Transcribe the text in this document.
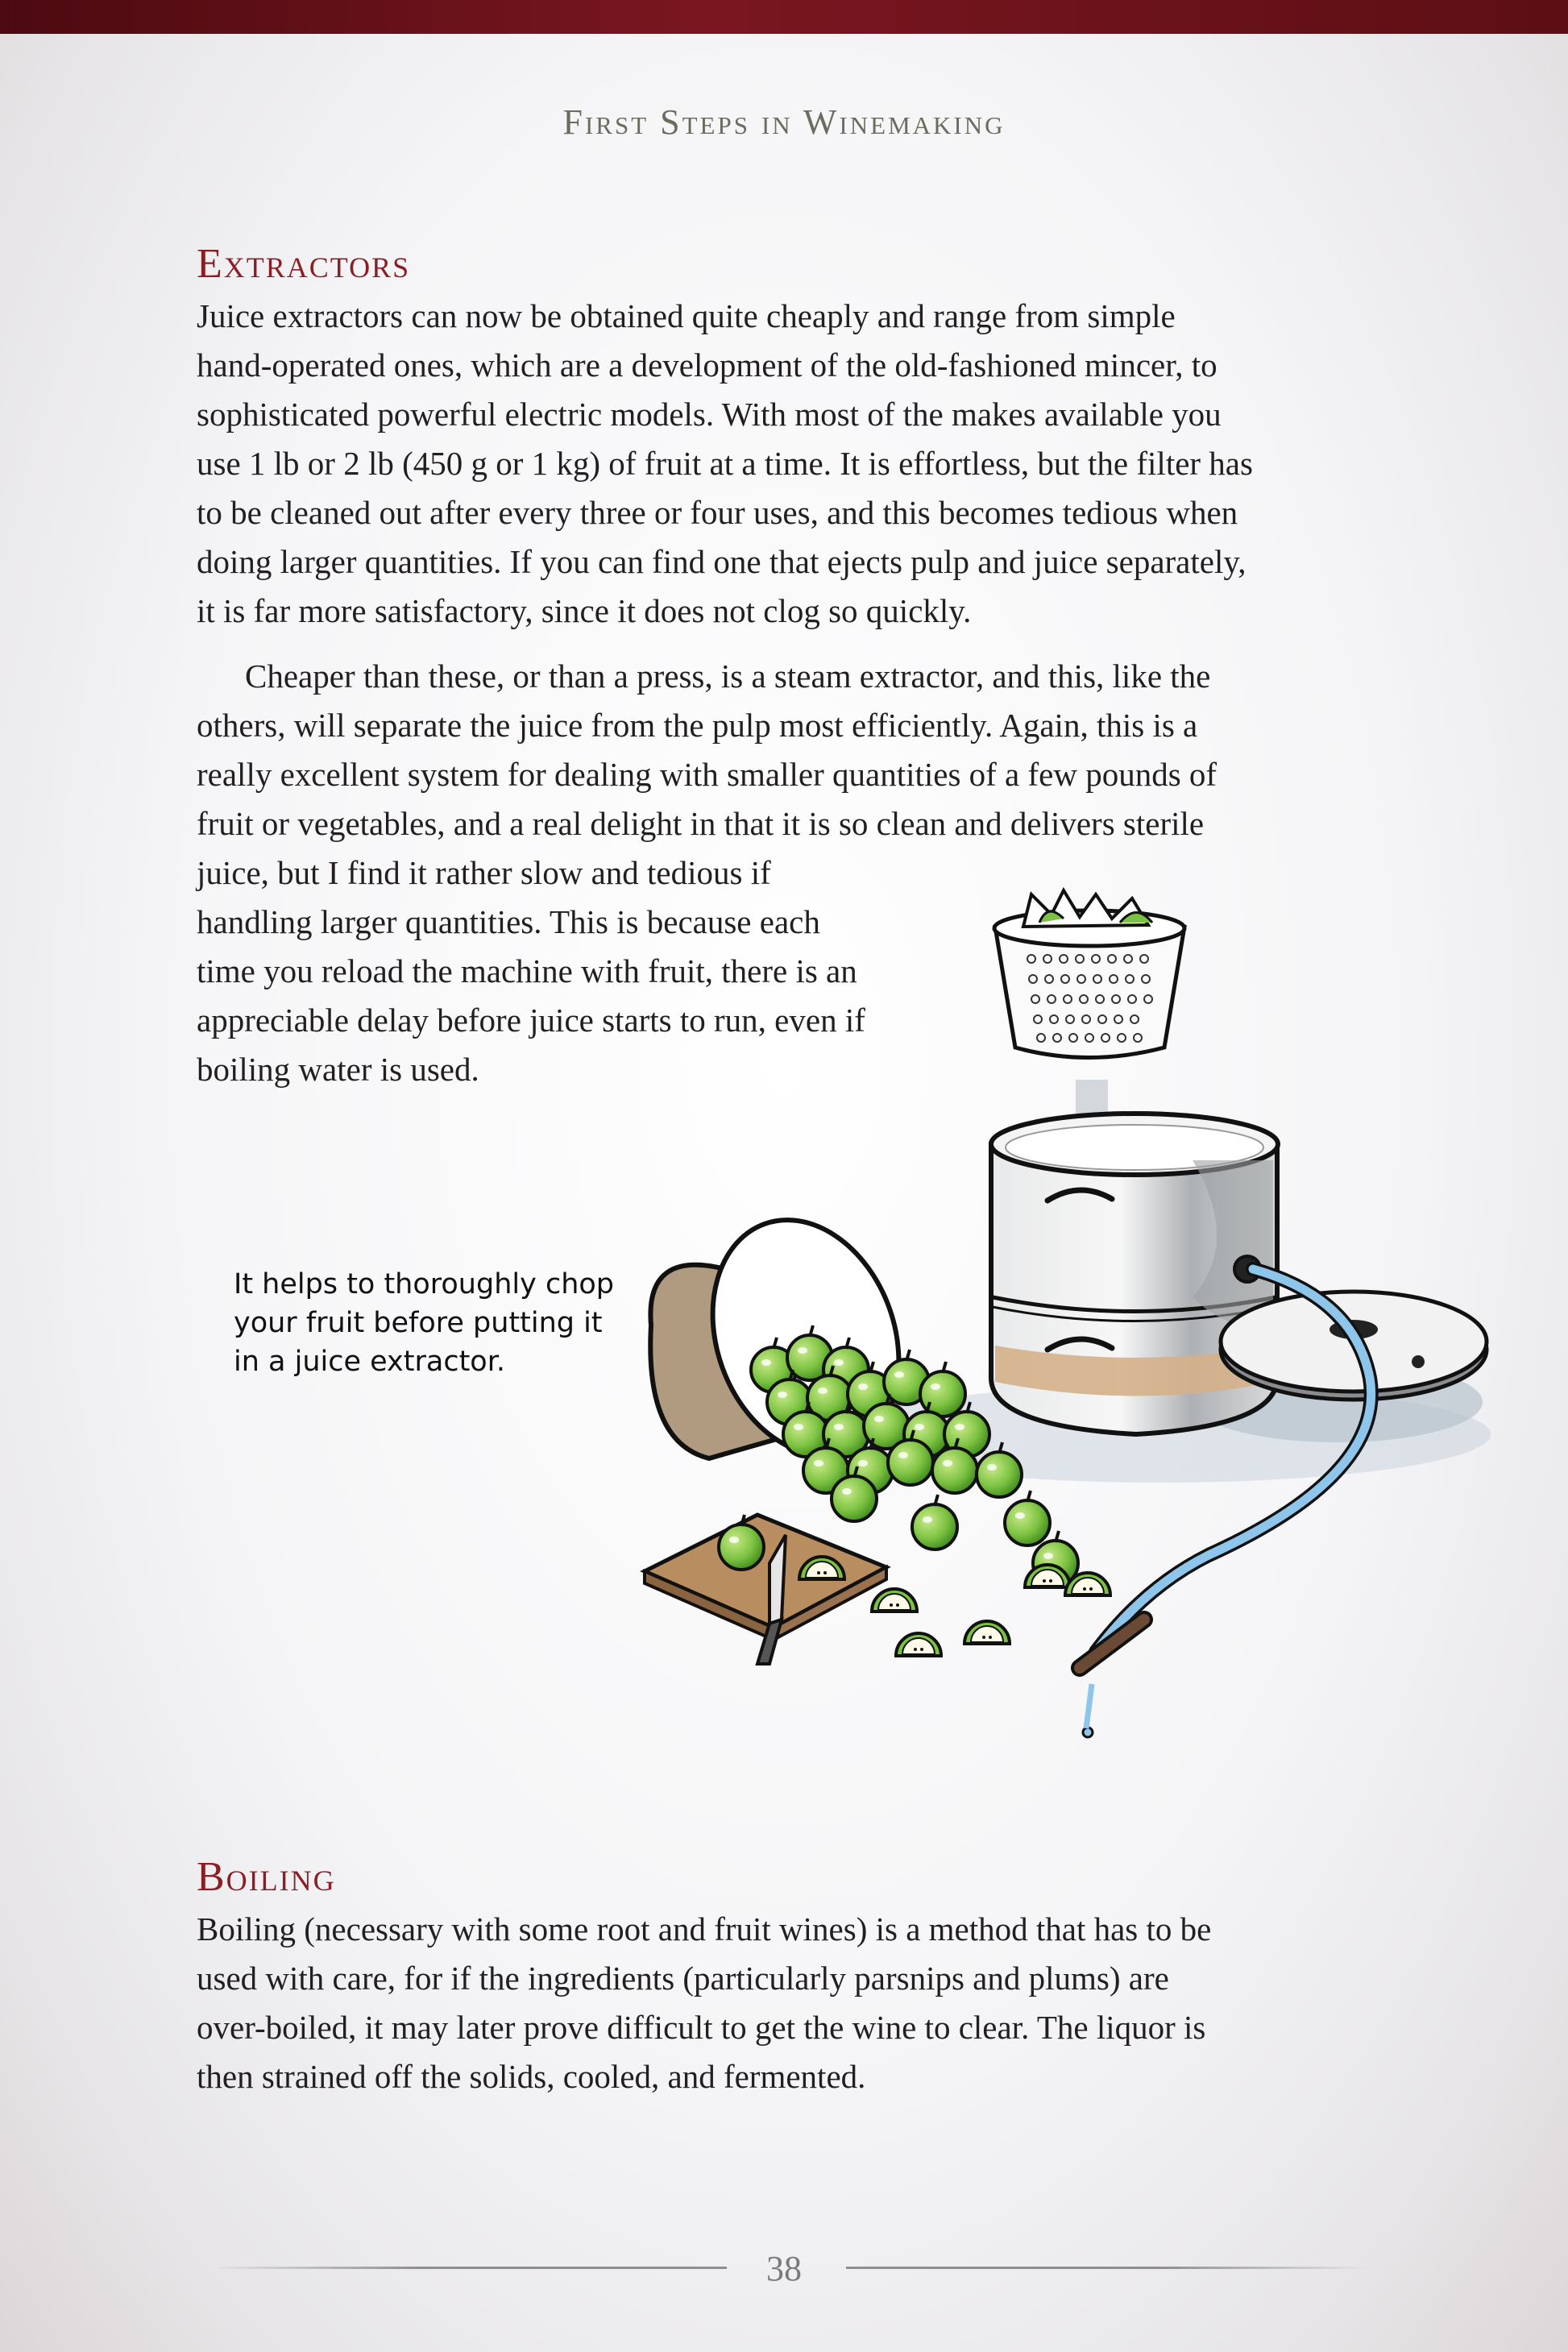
First Steps in Winemaking
Extractors

Juice extractors can now be obtained quite cheaply and range from simple
hand-operated ones, which are a development of the old-fashioned mincer, to
sophisticated powerful electric models. With most of the makes available you
use 1 lb or 2 lb (450 g or 1 kg) of fruit at a time. It is effortless, but the filter has
to be cleaned out after every three or four uses, and this becomes tedious when
doing larger quantities. If you can find one that ejects pulp and juice separately,
it is far more satisfactory, since it does not clog so quickly.

Cheaper than these, or than a press, is a steam extractor, and this, like the
others, will separate the juice from the pulp most efficiently. Again, this is a
really excellent system for dealing with smaller quantities of a few pounds of
fruit or vegetables, and a real delight in that it is so clean and delivers sterile
juice, but I find it rather slow and tedious if
handling larger quantities. This is because each
time you reload the machine with fruit, there is an
appreciable delay before juice starts to run, even if
boiling water is used.

It helps to thoroughly chop
your fruit before putting it
in a juice extractor.

Boiling

Boiling (necessary with some root and fruit wines) is a method that has to be
used with care, for if the ingredients (particularly parsnips and plums) are
over-boiled, it may later prove difficult to get the wine to clear. The liquor is
then strained off the solids, cooled, and fermented.

38
